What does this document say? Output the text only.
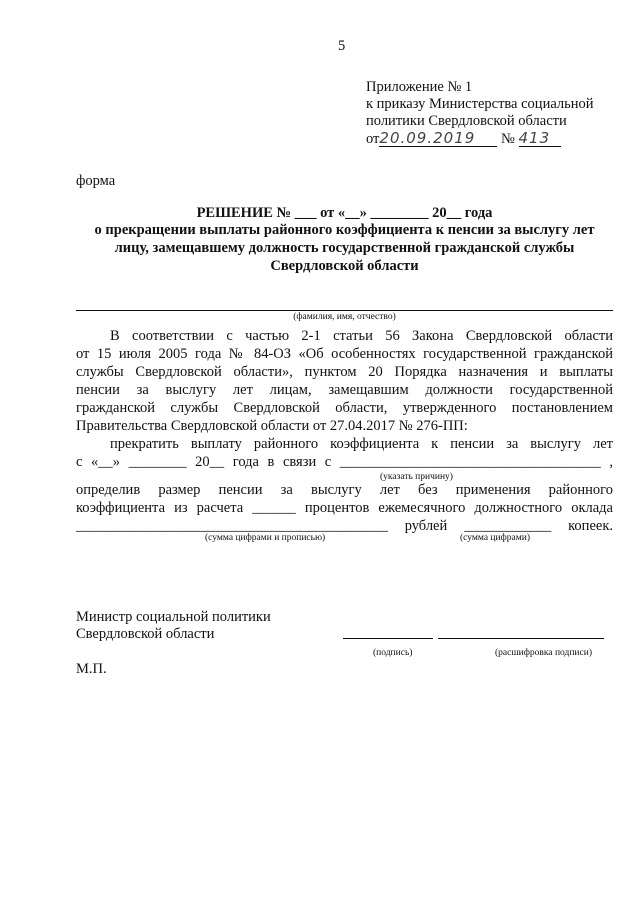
5
Приложение № 1
к приказу Министерства социальной
политики Свердловской области
от20.09.2019 № 413
форма
РЕШЕНИЕ № ___ от «__» ________ 20__ года
о прекращении выплаты районного коэффициента к пенсии за выслугу лет
лицу, замещавшему должность государственной гражданской службы
Свердловской области
(фамилия, имя, отчество)
В соответствии с частью 2-1 статьи 56 Закона Свердловской области
от 15 июля 2005 года № 84-ОЗ «Об особенностях государственной гражданской
службы Свердловской области», пунктом 20 Порядка назначения и выплаты
пенсии за выслугу лет лицам, замещавшим должности государственной
гражданской службы Свердловской области, утвержденного постановлением
Правительства Свердловской области от 27.04.2017 № 276-ПП:
прекратить выплату районного коэффициента к пенсии за выслугу лет
с «__» ________ 20__ года в связи с ____________________________________ ,
(указать причину)
определив размер пенсии за выслугу лет без применения районного
коэффициента из расчета ______ процентов ежемесячного должностного оклада
___________________________________________ рублей ____________ копеек.
(сумма цифрами и прописью)	(сумма цифрами)
Министр социальной политики
Свердловской области
(подпись)	(расшифровка подписи)
М.П.
